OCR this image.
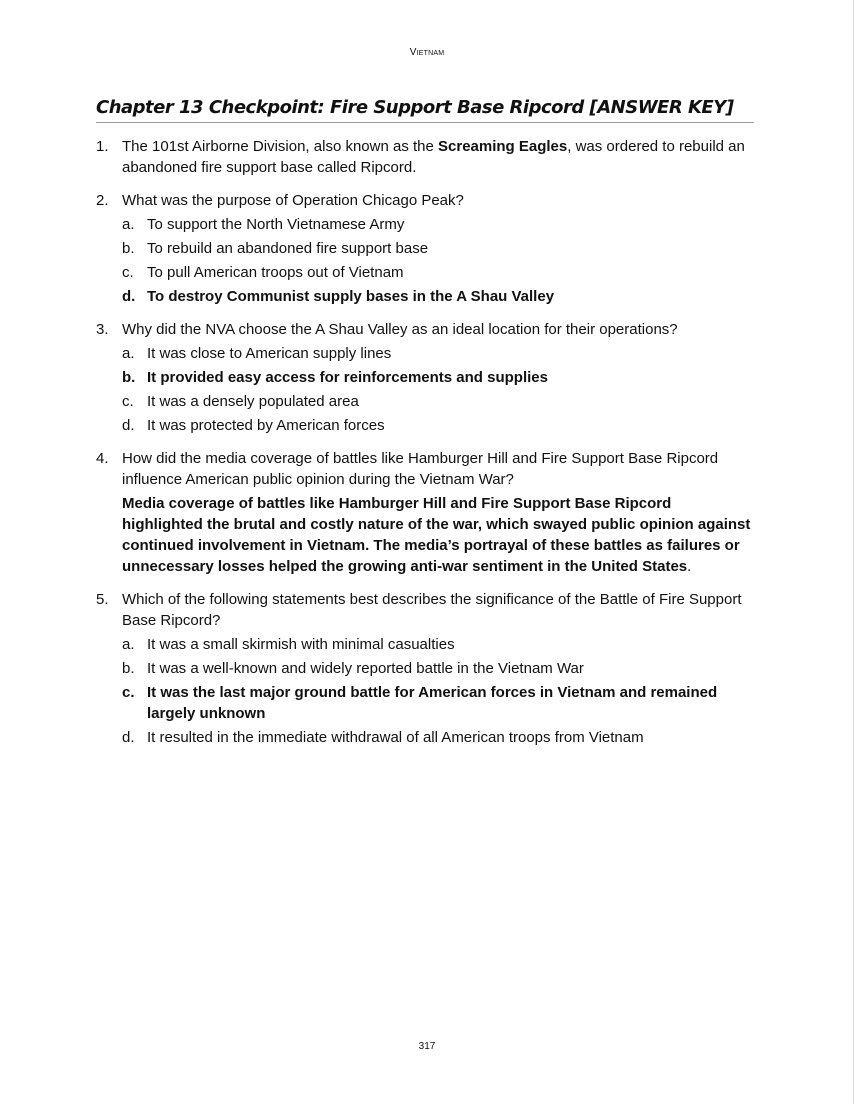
Vietnam
Chapter 13 Checkpoint: Fire Support Base Ripcord [ANSWER KEY]
1. The 101st Airborne Division, also known as the Screaming Eagles, was ordered to rebuild an abandoned fire support base called Ripcord.
2. What was the purpose of Operation Chicago Peak?
a. To support the North Vietnamese Army
b. To rebuild an abandoned fire support base
c. To pull American troops out of Vietnam
d. To destroy Communist supply bases in the A Shau Valley
3. Why did the NVA choose the A Shau Valley as an ideal location for their operations?
a. It was close to American supply lines
b. It provided easy access for reinforcements and supplies
c. It was a densely populated area
d. It was protected by American forces
4. How did the media coverage of battles like Hamburger Hill and Fire Support Base Ripcord influence American public opinion during the Vietnam War?
Media coverage of battles like Hamburger Hill and Fire Support Base Ripcord highlighted the brutal and costly nature of the war, which swayed public opinion against continued involvement in Vietnam. The media’s portrayal of these battles as failures or unnecessary losses helped the growing anti-war sentiment in the United States.
5. Which of the following statements best describes the significance of the Battle of Fire Support Base Ripcord?
a. It was a small skirmish with minimal casualties
b. It was a well-known and widely reported battle in the Vietnam War
c. It was the last major ground battle for American forces in Vietnam and remained largely unknown
d. It resulted in the immediate withdrawal of all American troops from Vietnam
317
